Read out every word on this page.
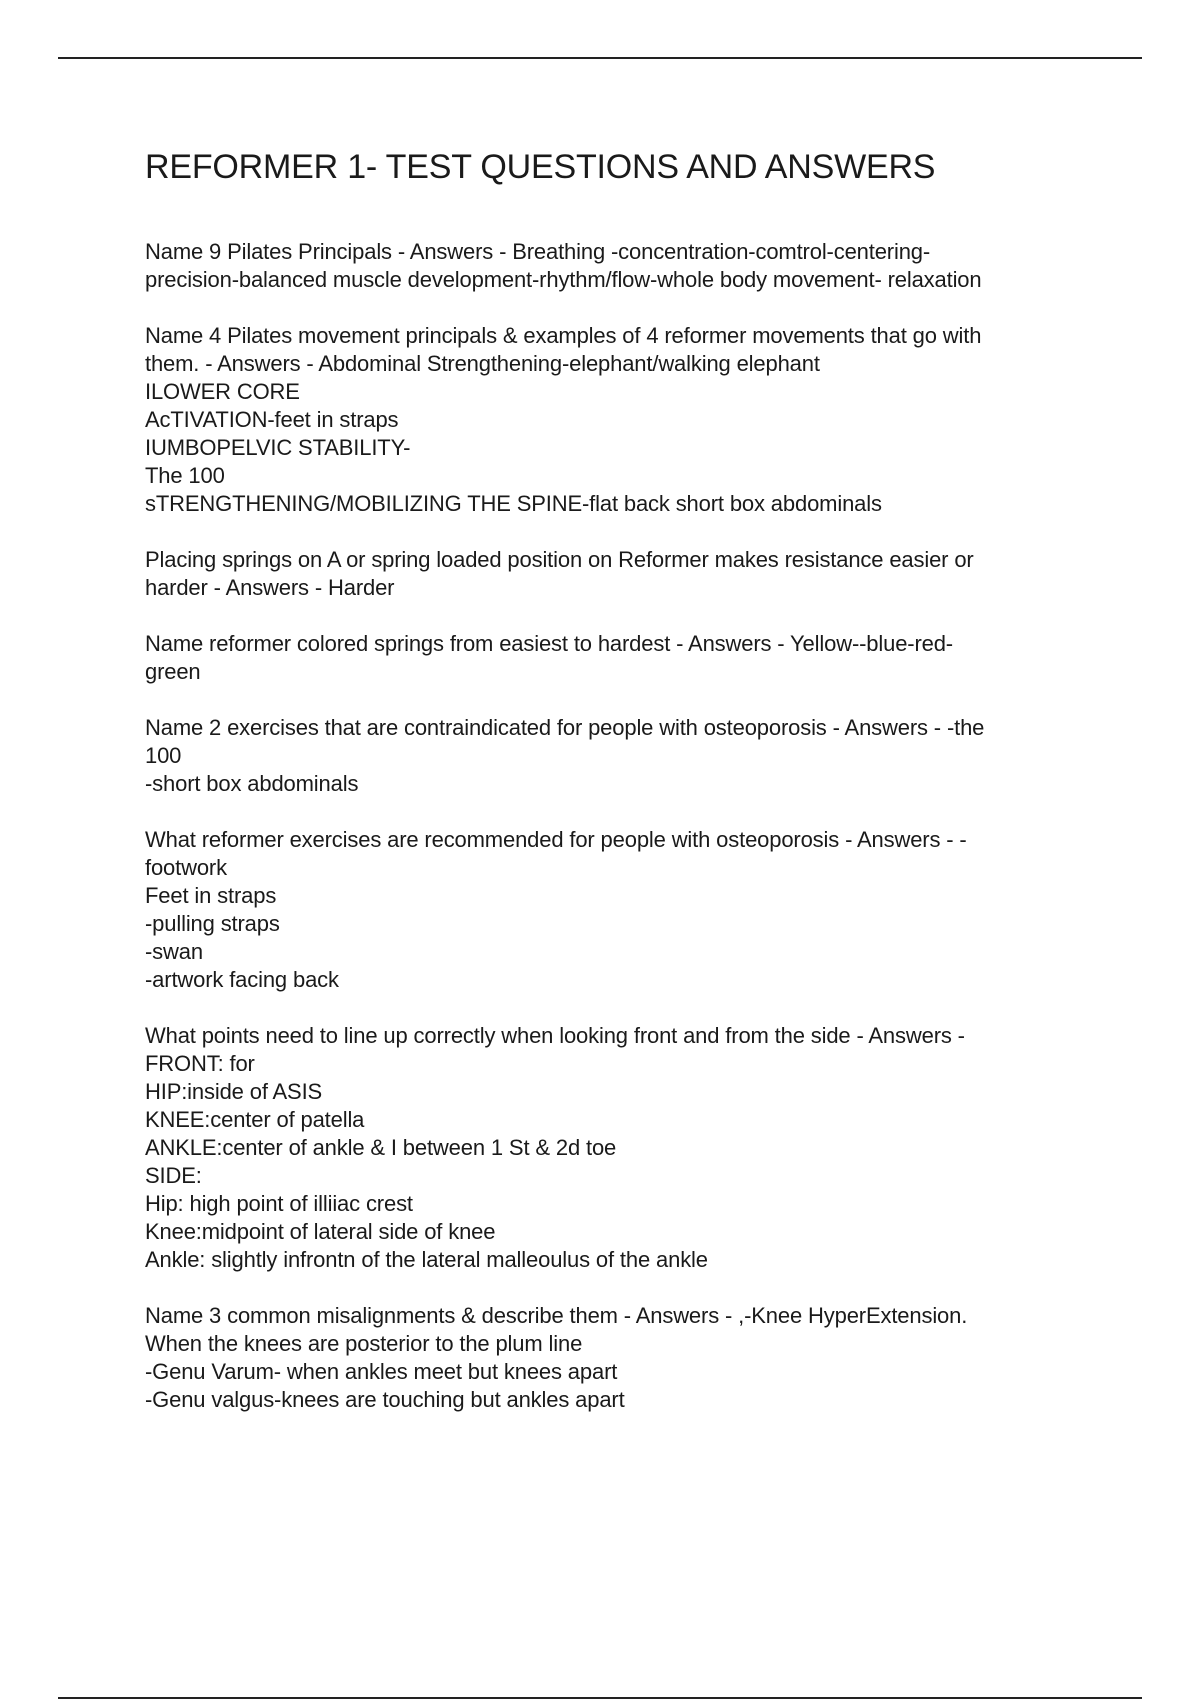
REFORMER 1- TEST QUESTIONS AND ANSWERS
Name 9 Pilates Principals - Answers - Breathing -concentration-comtrol-centering-
precision-balanced muscle development-rhythm/flow-whole body movement- relaxation
Name 4 Pilates movement principals & examples of 4 reformer movements that go with
them. - Answers - Abdominal Strengthening-elephant/walking elephant
ILOWER CORE
AcTIVATION-feet in straps
IUMBOPELVIC STABILITY-
The 100
sTRENGTHENING/MOBILIZING THE SPINE-flat back short box abdominals
Placing springs on A or spring loaded position on Reformer makes resistance easier or
harder - Answers - Harder
Name reformer colored springs from easiest to hardest - Answers - Yellow--blue-red-
green
Name 2 exercises that are contraindicated for people with osteoporosis - Answers - -the
100
-short box abdominals
What reformer exercises are recommended for people with osteoporosis - Answers - -
footwork
Feet in straps
-pulling straps
-swan
-artwork facing back
What points need to line up correctly when looking front and from the side - Answers -
FRONT: for
HIP:inside of ASIS
KNEE:center of patella
ANKLE:center of ankle & I between 1 St & 2d toe
SIDE:
Hip: high point of illiiac crest
Knee:midpoint of lateral side of knee
Ankle: slightly infrontn of the lateral malleoulus of the ankle
Name 3 common misalignments & describe them - Answers - ,-Knee HyperExtension.
When the knees are posterior to the plum line
-Genu Varum- when ankles meet but knees apart
-Genu valgus-knees are touching but ankles apart
